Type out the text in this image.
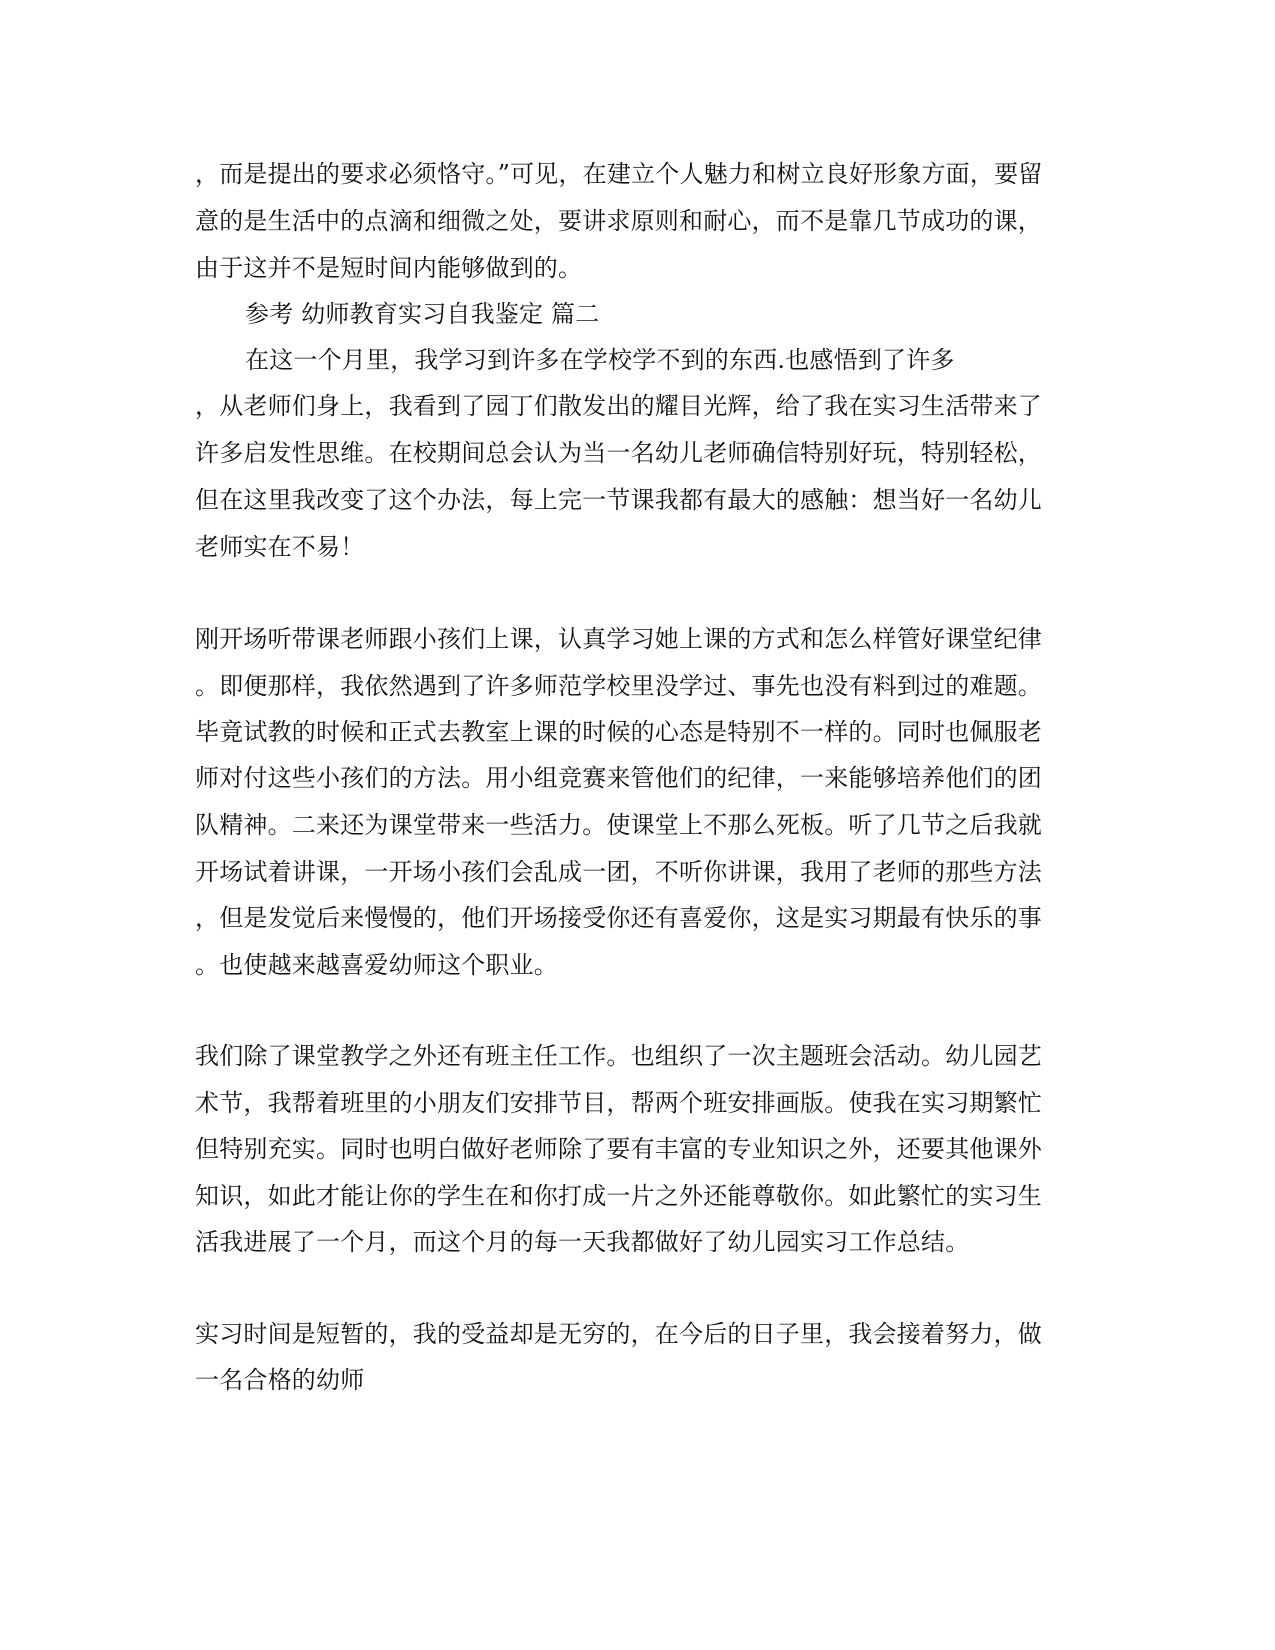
，而是提出的要求必须恪守。”可见，在建立个人魅力和树立良好形象方面，要留
意的是生活中的点滴和细微之处，要讲求原则和耐心，而不是靠几节成功的课，
由于这并不是短时间内能够做到的。
参考 幼师教育实习自我鉴定 篇二
在这一个月里，我学习到许多在学校学不到的东西.也感悟到了许多
，从老师们身上，我看到了园丁们散发出的耀目光辉，给了我在实习生活带来了
许多启发性思维。在校期间总会认为当一名幼儿老师确信特别好玩，特别轻松，
但在这里我改变了这个办法，每上完一节课我都有最大的感触：想当好一名幼儿
老师实在不易！
刚开场听带课老师跟小孩们上课，认真学习她上课的方式和怎么样管好课堂纪律
。即便那样，我依然遇到了许多师范学校里没学过、事先也没有料到过的难题。
毕竟试教的时候和正式去教室上课的时候的心态是特别不一样的。同时也佩服老
师对付这些小孩们的方法。用小组竞赛来管他们的纪律，一来能够培养他们的团
队精神。二来还为课堂带来一些活力。使课堂上不那么死板。听了几节之后我就
开场试着讲课，一开场小孩们会乱成一团，不听你讲课，我用了老师的那些方法
，但是发觉后来慢慢的，他们开场接受你还有喜爱你，这是实习期最有快乐的事
。也使越来越喜爱幼师这个职业。
我们除了课堂教学之外还有班主任工作。也组织了一次主题班会活动。幼儿园艺
术节，我帮着班里的小朋友们安排节目，帮两个班安排画版。使我在实习期繁忙
但特别充实。同时也明白做好老师除了要有丰富的专业知识之外，还要其他课外
知识，如此才能让你的学生在和你打成一片之外还能尊敬你。如此繁忙的实习生
活我进展了一个月，而这个月的每一天我都做好了幼儿园实习工作总结。
实习时间是短暂的，我的受益却是无穷的，在今后的日子里，我会接着努力，做
一名合格的幼师
